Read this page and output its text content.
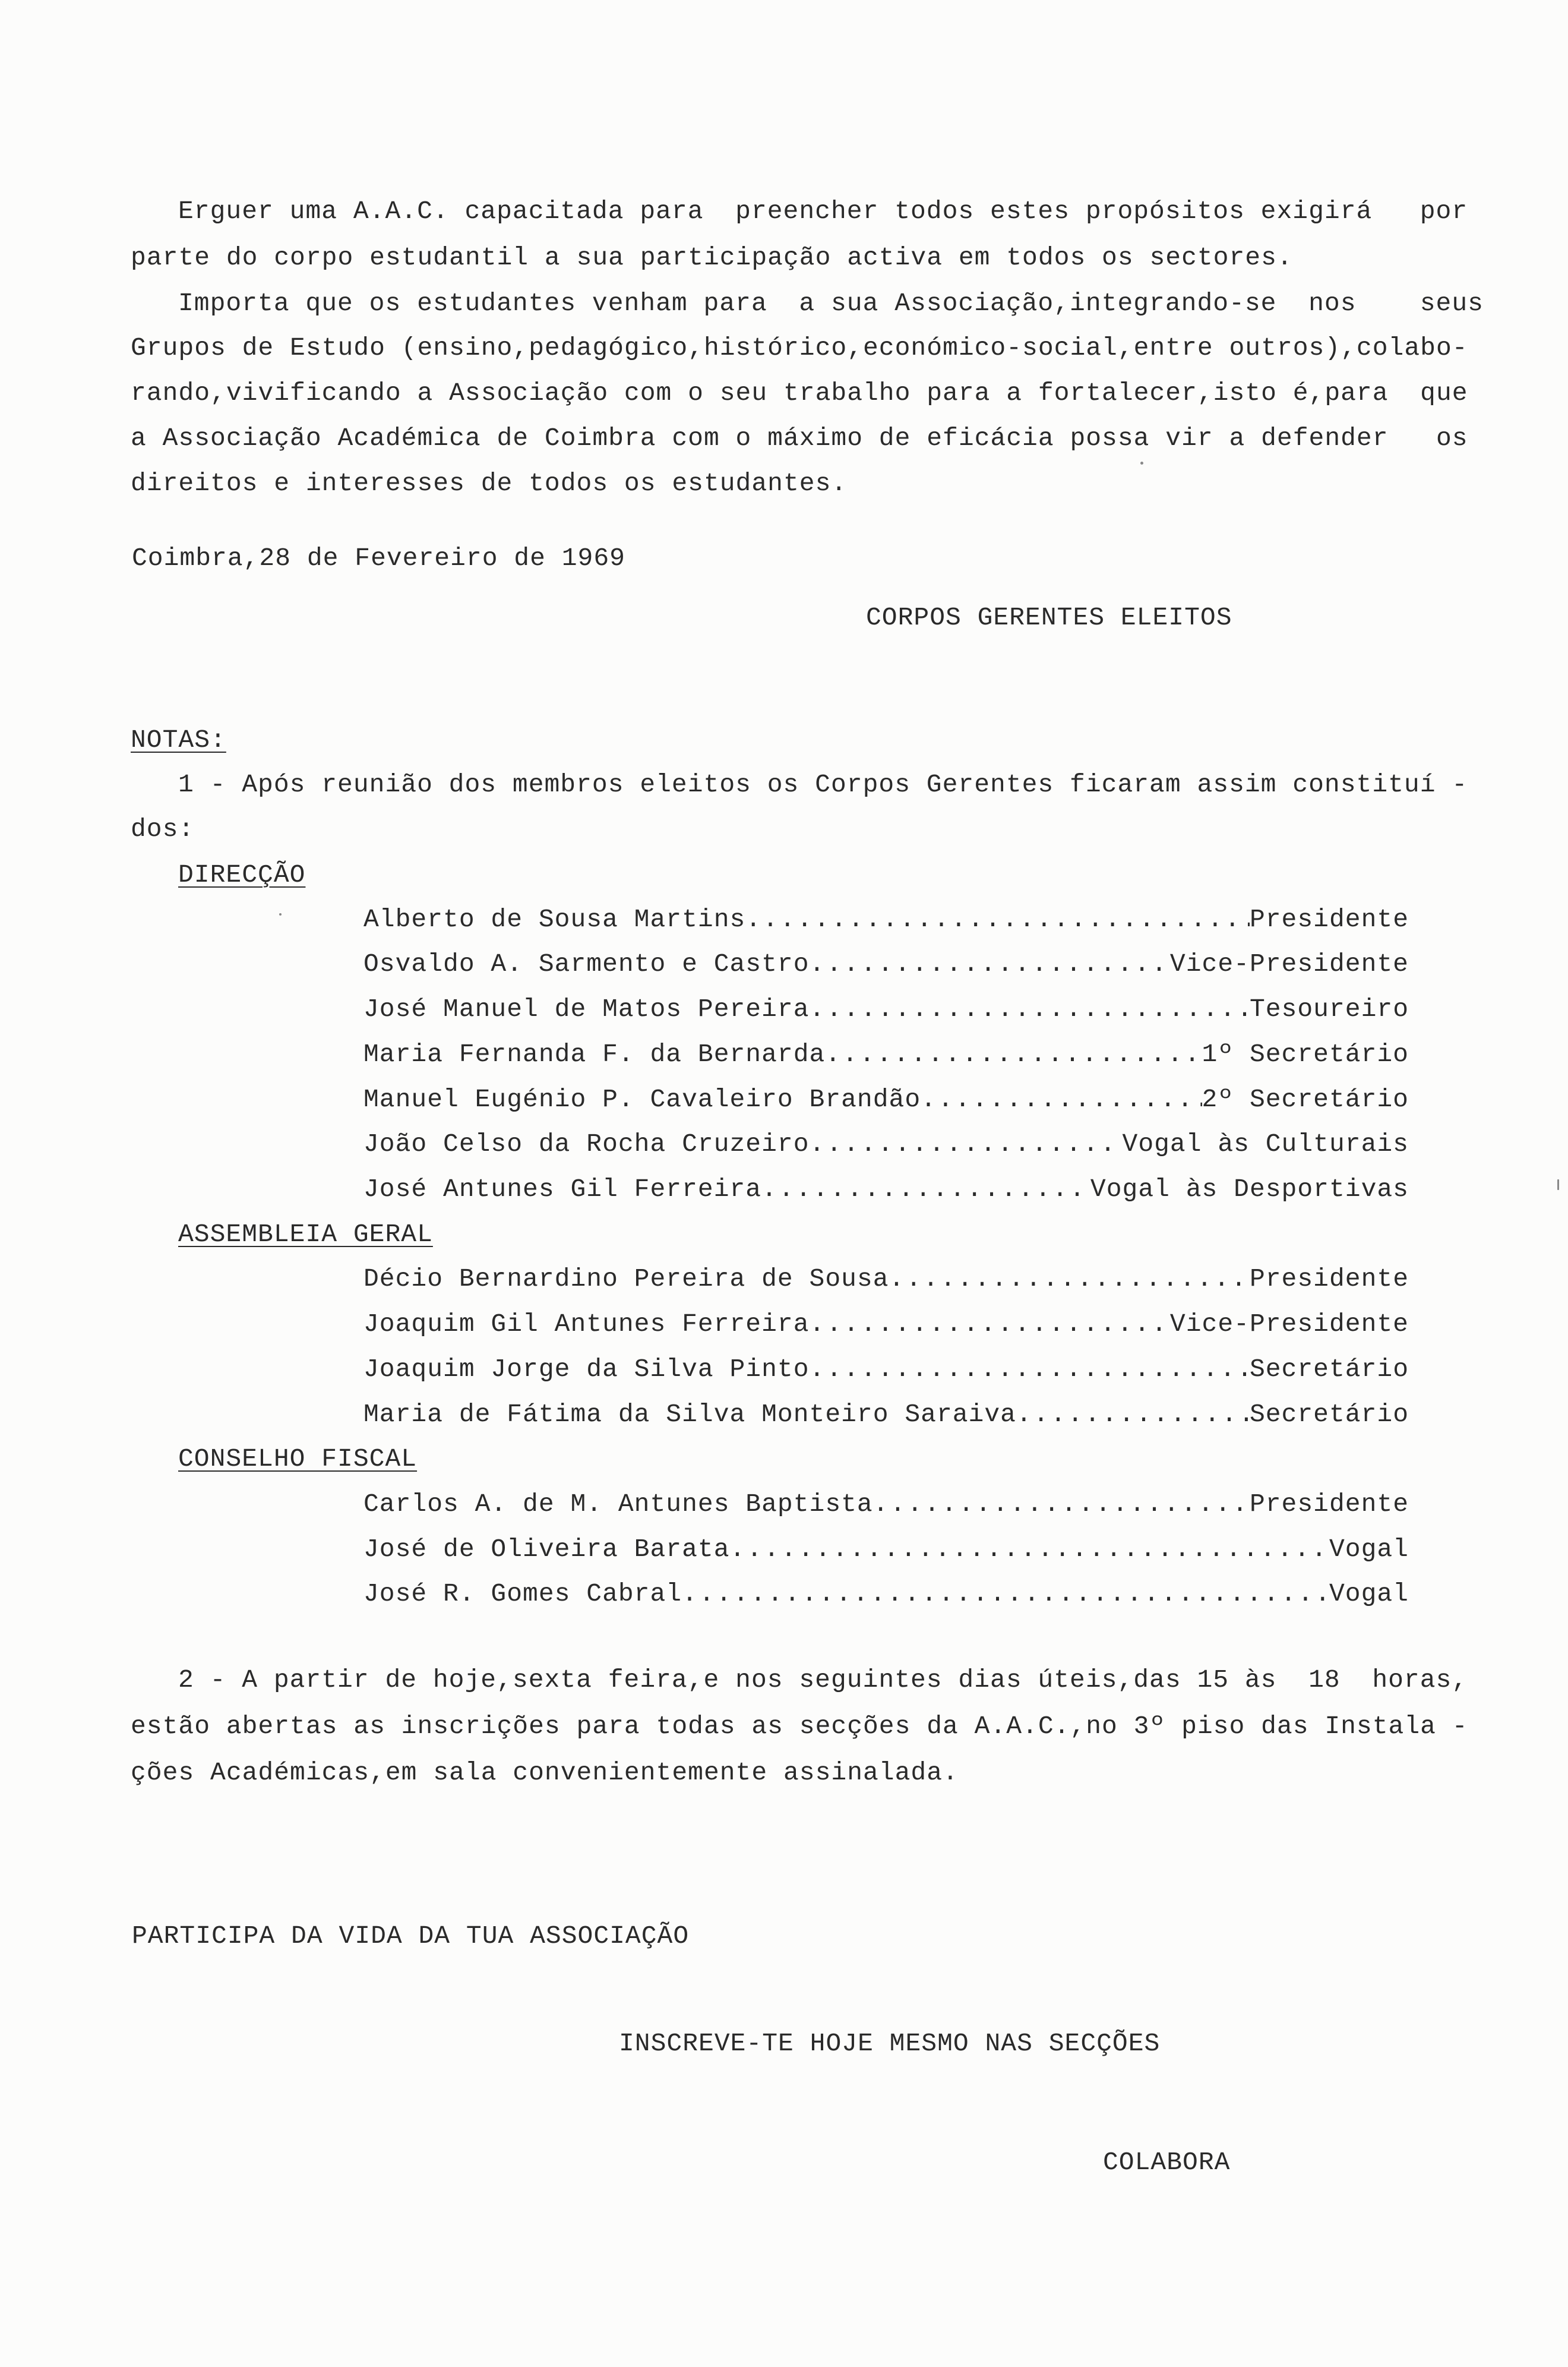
Erguer uma A.A.C. capacitada para  preencher todos estes propósitos exigirá   por
parte do corpo estudantil a sua participação activa em todos os sectores.
Importa que os estudantes venham para  a sua Associação,integrando-se  nos    seus
Grupos de Estudo (ensino,pedagógico,histórico,económico-social,entre outros),colabo-
rando,vivificando a Associação com o seu trabalho para a fortalecer,isto é,para  que
a Associação Académica de Coimbra com o máximo de eficácia possa vir a defender   os
direitos e interesses de todos os estudantes.
Coimbra,28 de Fevereiro de 1969
CORPOS GERENTES ELEITOS
NOTAS:
1 - Após reunião dos membros eleitos os Corpos Gerentes ficaram assim constituí -
dos:
DIRECÇÃO
Alberto de Sousa Martins .....	Presidente
Osvaldo A. Sarmento e Castro .....	Vice-Presidente
José Manuel de Matos Pereira .....	Tesoureiro
Maria Fernanda F. da Bernarda .....	1º Secretário
Manuel Eugénio P. Cavaleiro Brandão .....	2º Secretário
João Celso da Rocha Cruzeiro .....	Vogal às Culturais
José Antunes Gil Ferreira .....	Vogal às Desportivas
ASSEMBLEIA GERAL
Décio Bernardino Pereira de Sousa .....	Presidente
Joaquim Gil Antunes Ferreira .....	Vice-Presidente
Joaquim Jorge da Silva Pinto .....	Secretário
Maria de Fátima da Silva Monteiro Saraiva .....	Secretário
CONSELHO FISCAL
Carlos A. de M. Antunes Baptista .....	Presidente
José de Oliveira Barata .....	Vogal
José R. Gomes Cabral .....	Vogal
2 - A partir de hoje,sexta feira,e nos seguintes dias úteis,das 15 às  18  horas,
estão abertas as inscrições para todas as secções da A.A.C.,no 3º piso das Instala -
ções Académicas,em sala convenientemente assinalada.
PARTICIPA DA VIDA DA TUA ASSOCIAÇÃO
INSCREVE-TE HOJE MESMO NAS SECÇÕES
COLABORA
